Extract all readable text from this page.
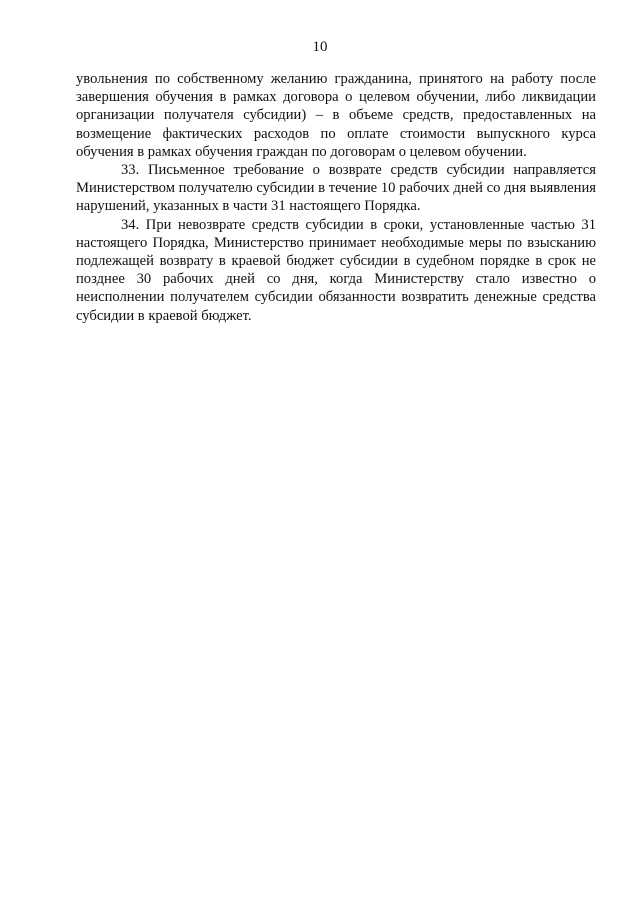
10

увольнения по собственному желанию гражданина, принятого на работу после завершения обучения в рамках договора о целевом обучении, либо ликвидации организации получателя субсидии) – в объеме средств, предоставленных на возмещение фактических расходов по оплате стоимости выпускного курса обучения в рамках обучения граждан по договорам о целевом обучении.

33. Письменное требование о возврате средств субсидии направляется Министерством получателю субсидии в течение 10 рабочих дней со дня выявления нарушений, указанных в части 31 настоящего Порядка.

34. При невозврате средств субсидии в сроки, установленные частью 31 настоящего Порядка, Министерство принимает необходимые меры по взысканию подлежащей возврату в краевой бюджет субсидии в судебном порядке в срок не позднее 30 рабочих дней со дня, когда Министерству стало известно о неисполнении получателем субсидии обязанности возвратить денежные средства субсидии в краевой бюджет.
